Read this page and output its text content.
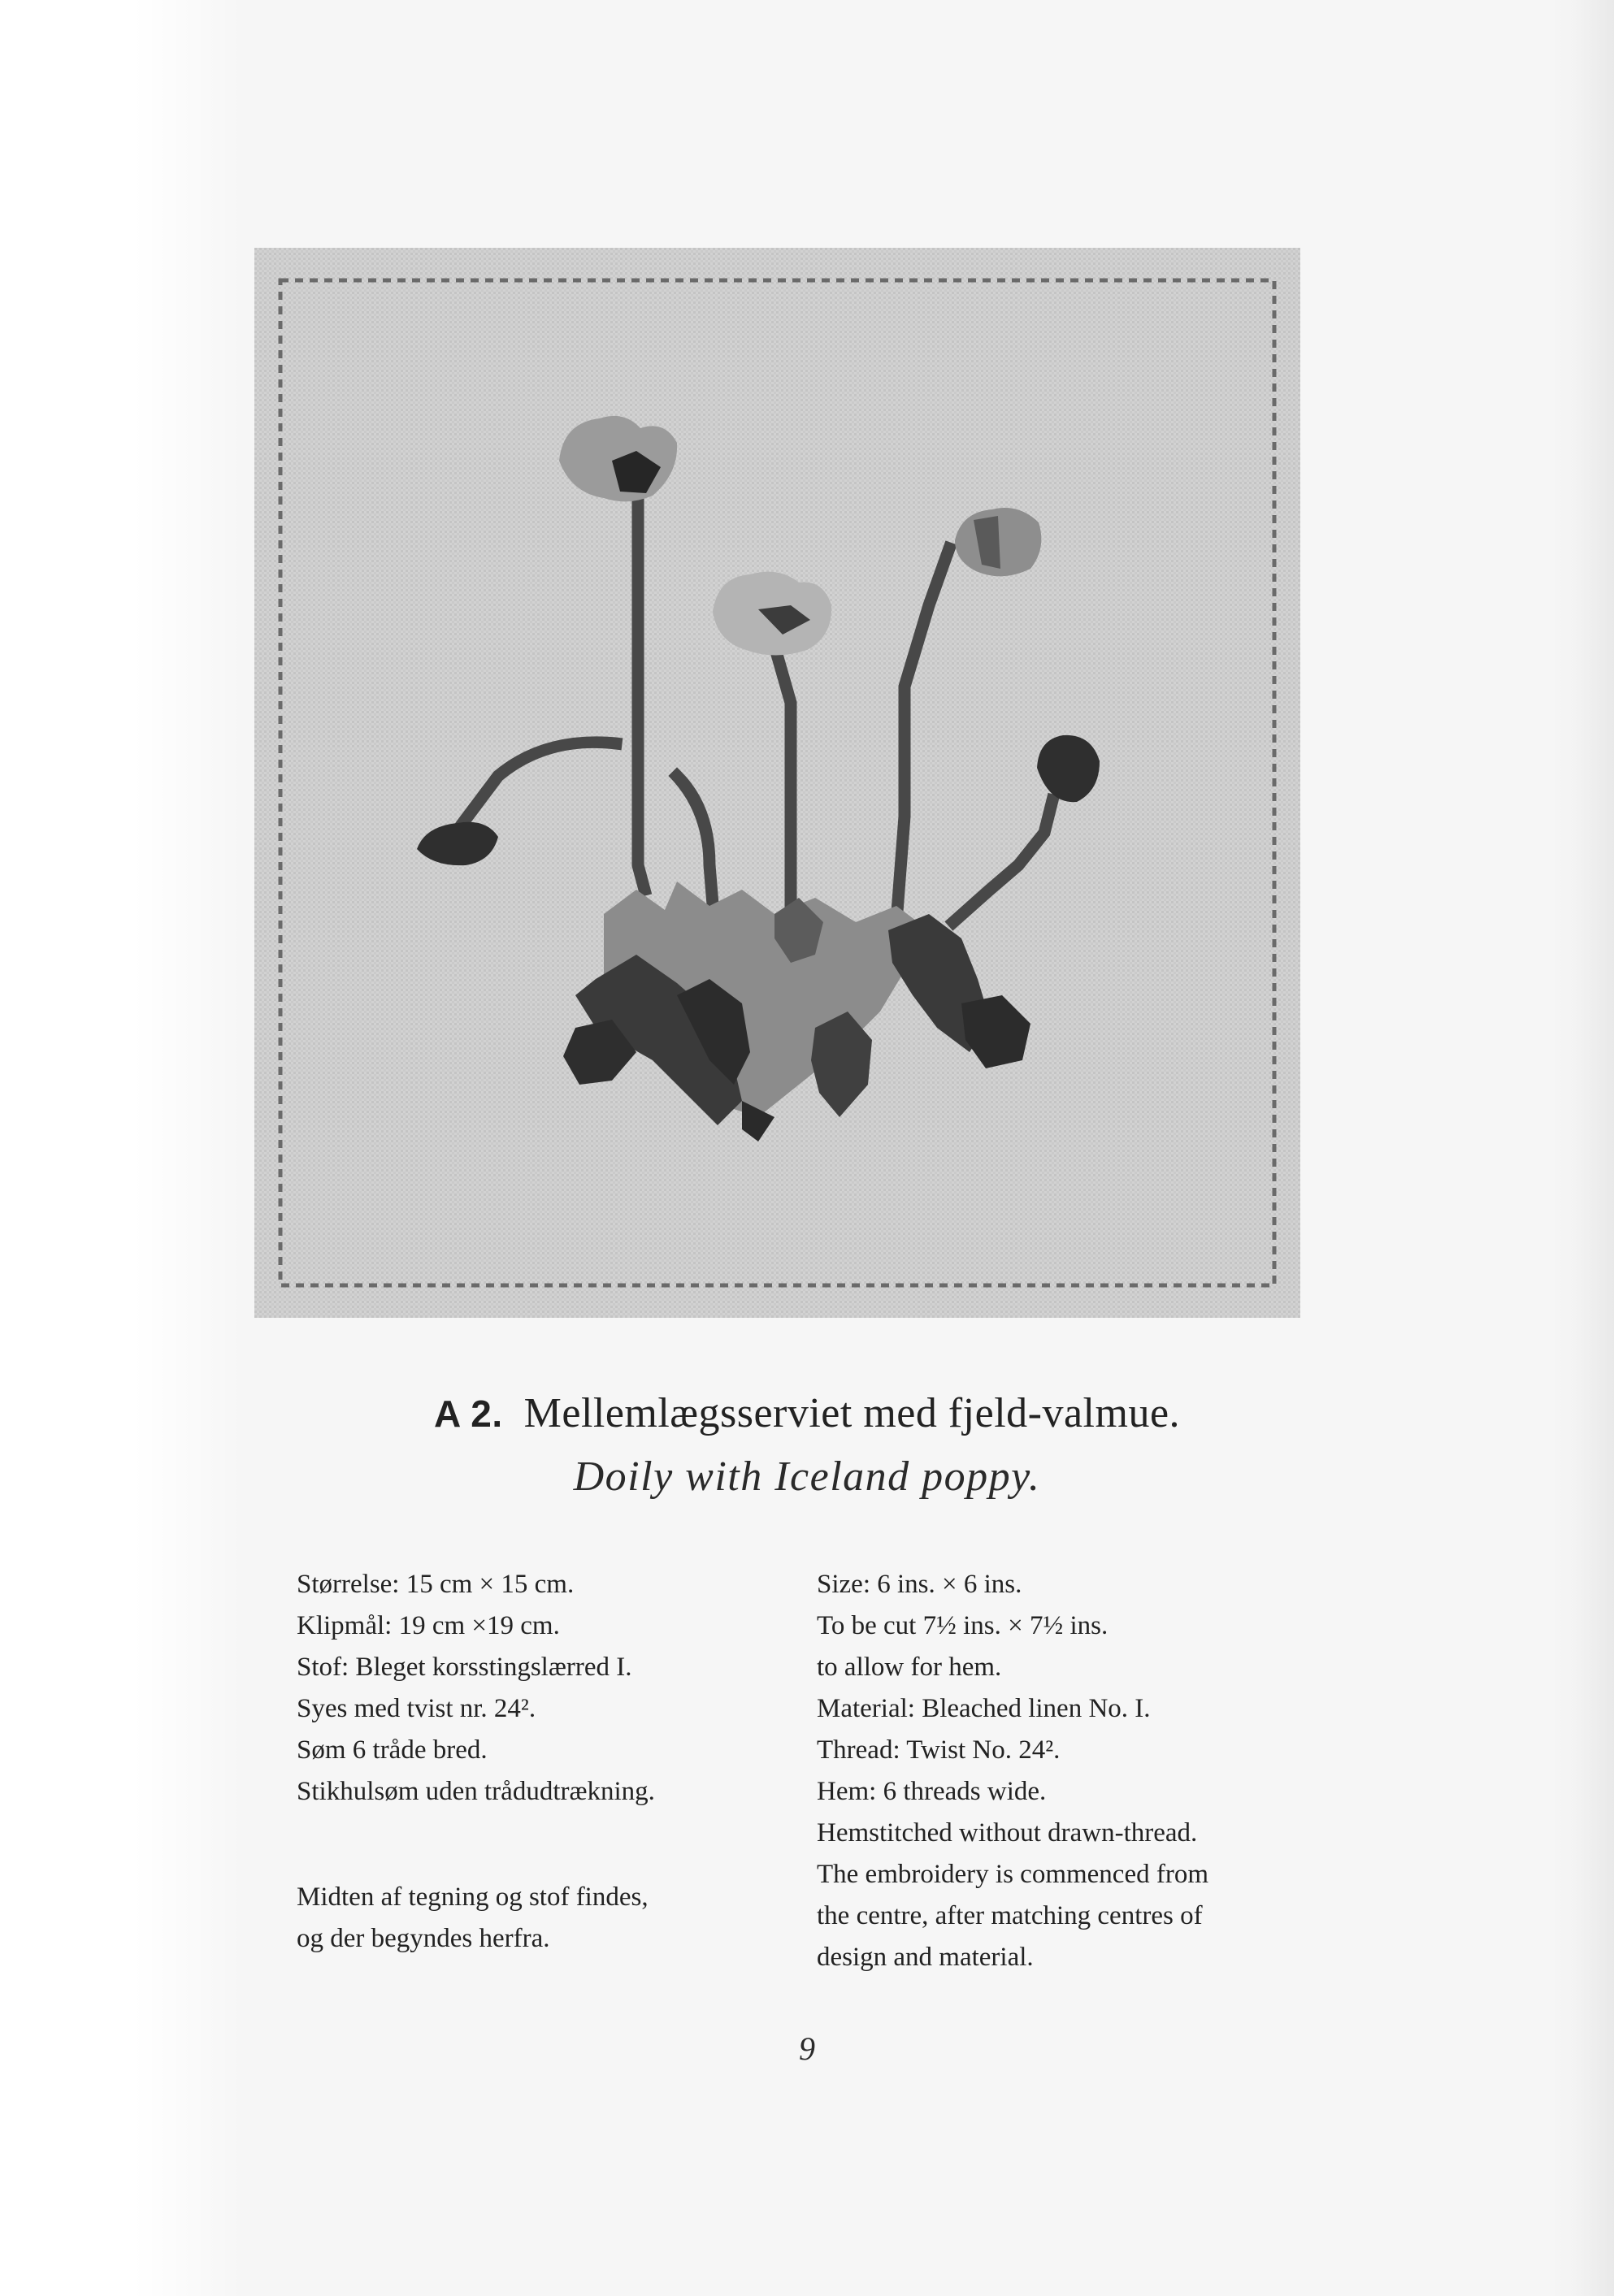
A 2. Mellemlægsserviet med fjeld-valmue.
Doily with Iceland poppy.
Størrelse: 15 cm × 15 cm.
Klipmål: 19 cm ×19 cm.
Stof: Bleget korsstingslærred I.
Syes med tvist nr. 24².
Søm 6 tråde bred.
Stikhulsøm uden trådudtrækning.
Midten af tegning og stof findes,
og der begyndes herfra.
Size: 6 ins. × 6 ins.
To be cut 7½ ins. × 7½ ins.
to allow for hem.
Material: Bleached linen No. I.
Thread: Twist No. 24².
Hem: 6 threads wide.
Hemstitched without drawn-thread.
The embroidery is commenced from
the centre, after matching centres of
design and material.
9
